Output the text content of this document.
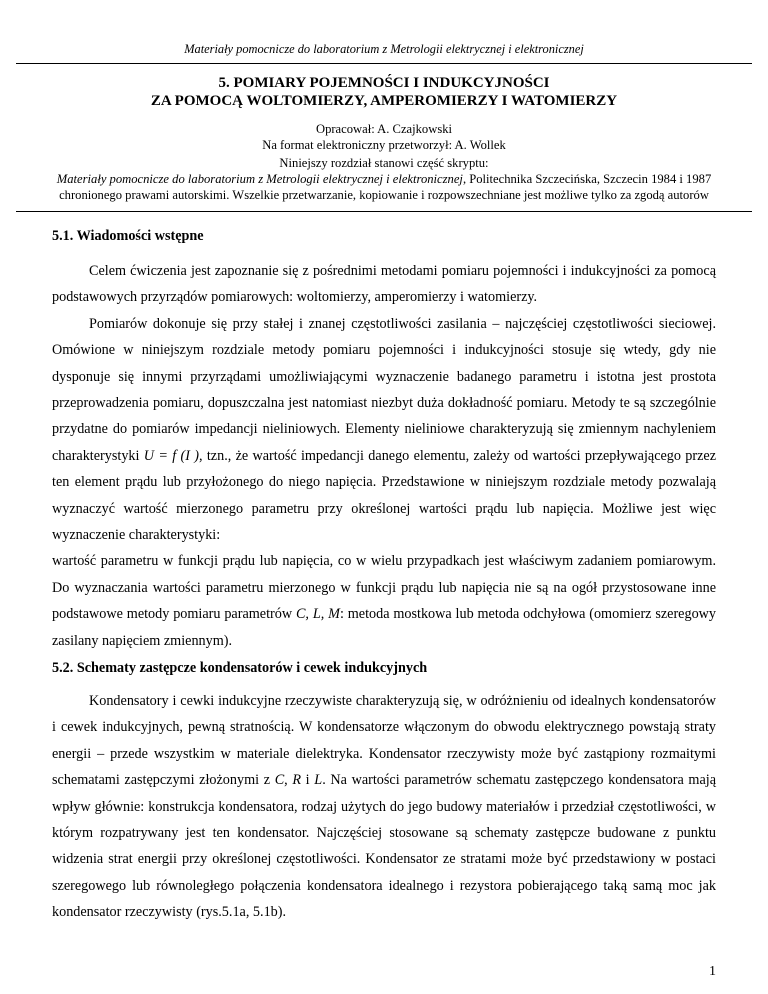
Materiały pomocnicze do laboratorium z Metrologii elektrycznej i elektronicznej
5. POMIARY POJEMNOŚCI I INDUKCYJNOŚCI
ZA POMOCĄ WOLTOMIERZY, AMPEROMIERZY I WATOMIERZY
Opracował: A. Czajkowski
Na format elektroniczny przetworzył: A. Wollek
Niniejszy rozdział stanowi część skryptu:
Materiały pomocnicze do laboratorium z Metrologii elektrycznej i elektronicznej, Politechnika Szczecińska, Szczecin 1984 i 1987
chronionego prawami autorskimi. Wszelkie przetwarzanie, kopiowanie i rozpowszechniane jest możliwe tylko za zgodą autorów
5.1. Wiadomości wstępne

Celem ćwiczenia jest zapoznanie się z pośrednimi metodami pomiaru pojemności i indukcyjności za pomocą podstawowych przyrządów pomiarowych: woltomierzy, amperomierzy i watomierzy.

Pomiarów dokonuje się przy stałej i znanej częstotliwości zasilania – najczęściej częstotliwości sieciowej. Omówione w niniejszym rozdziale metody pomiaru pojemności i indukcyjności stosuje się wtedy, gdy nie dysponuje się innymi przyrządami umożliwiającymi wyznaczenie badanego parametru i istotna jest prostota przeprowadzenia pomiaru, dopuszczalna jest natomiast niezbyt duża dokładność pomiaru. Metody te są szczególnie przydatne do pomiarów impedancji nieliniowych. Elementy nieliniowe charakteryzują się zmiennym nachyleniem charakterystyki U = f (I ), tzn., że wartość impedancji danego elementu, zależy od wartości przepływającego przez ten element prądu lub przyłożonego do niego napięcia. Przedstawione w niniejszym rozdziale metody pozwalają wyznaczyć wartość mierzonego parametru przy określonej wartości prądu lub napięcia. Możliwe jest więc wyznaczenie charakterystyki:

wartość parametru w funkcji prądu lub napięcia, co w wielu przypadkach jest właściwym zadaniem pomiarowym. Do wyznaczania wartości parametru mierzonego w funkcji prądu lub napięcia nie są na ogół przystosowane inne podstawowe metody pomiaru parametrów C, L, M: metoda mostkowa lub metoda odchyłowa (omomierz szeregowy zasilany napięciem zmiennym).

5.2. Schematy zastępcze kondensatorów i cewek indukcyjnych

Kondensatory i cewki indukcyjne rzeczywiste charakteryzują się, w odróżnieniu od idealnych kondensatorów i cewek indukcyjnych, pewną stratnością. W kondensatorze włączonym do obwodu elektrycznego powstają straty energii – przede wszystkim w materiale dielektryka. Kondensator rzeczywisty może być zastąpiony rozmaitymi schematami zastępczymi złożonymi z C, R i L. Na wartości parametrów schematu zastępczego kondensatora mają wpływ głównie: konstrukcja kondensatora, rodzaj użytych do jego budowy materiałów i przedział częstotliwości, w którym rozpatrywany jest ten kondensator. Najczęściej stosowane są schematy zastępcze budowane z punktu widzenia strat energii przy określonej częstotliwości. Kondensator ze stratami może być przedstawiony w postaci szeregowego lub równoległego połączenia kondensatora idealnego i rezystora pobierającego taką samą moc jak kondensator rzeczywisty (rys.5.1a, 5.1b).

1
